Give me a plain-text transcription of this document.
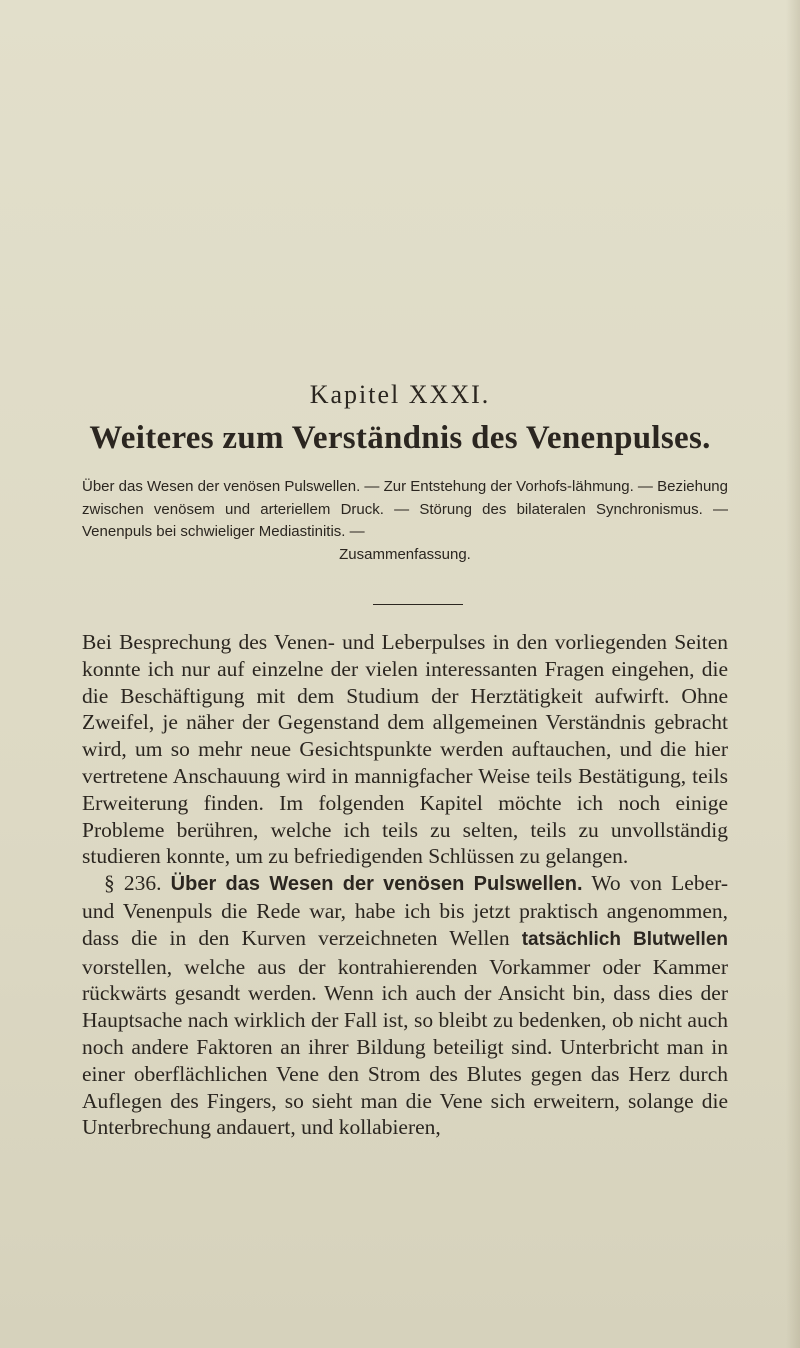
Kapitel XXXI.
Weiteres zum Verständnis des Venenpulses.
Über das Wesen der venösen Pulswellen. — Zur Entstehung der Vorhofs-lähmung. — Beziehung zwischen venösem und arteriellem Druck. — Störung des bilateralen Synchronismus. — Venenpuls bei schwieliger Mediastinitis. —
Zusammenfassung.

Bei Besprechung des Venen- und Leberpulses in den vorliegenden Seiten konnte ich nur auf einzelne der vielen interessanten Fragen eingehen, die die Beschäftigung mit dem Studium der Herztätigkeit aufwirft. Ohne Zweifel, je näher der Gegenstand dem allgemeinen Verständnis gebracht wird, um so mehr neue Gesichtspunkte werden auftauchen, und die hier vertretene Anschauung wird in mannigfacher Weise teils Bestätigung, teils Erweiterung finden. Im folgenden Kapitel möchte ich noch einige Probleme berühren, welche ich teils zu selten, teils zu unvollständig studieren konnte, um zu befriedigenden Schlüssen zu gelangen.

§ 236. Über das Wesen der venösen Pulswellen. Wo von Leber- und Venenpuls die Rede war, habe ich bis jetzt praktisch angenommen, dass die in den Kurven verzeichneten Wellen tatsächlich Blutwellen vorstellen, welche aus der kontrahierenden Vorkammer oder Kammer rückwärts gesandt werden. Wenn ich auch der Ansicht bin, dass dies der Hauptsache nach wirklich der Fall ist, so bleibt zu bedenken, ob nicht auch noch andere Faktoren an ihrer Bildung beteiligt sind. Unterbricht man in einer oberflächlichen Vene den Strom des Blutes gegen das Herz durch Auflegen des Fingers, so sieht man die Vene sich erweitern, solange die Unterbrechung andauert, und kollabieren,
